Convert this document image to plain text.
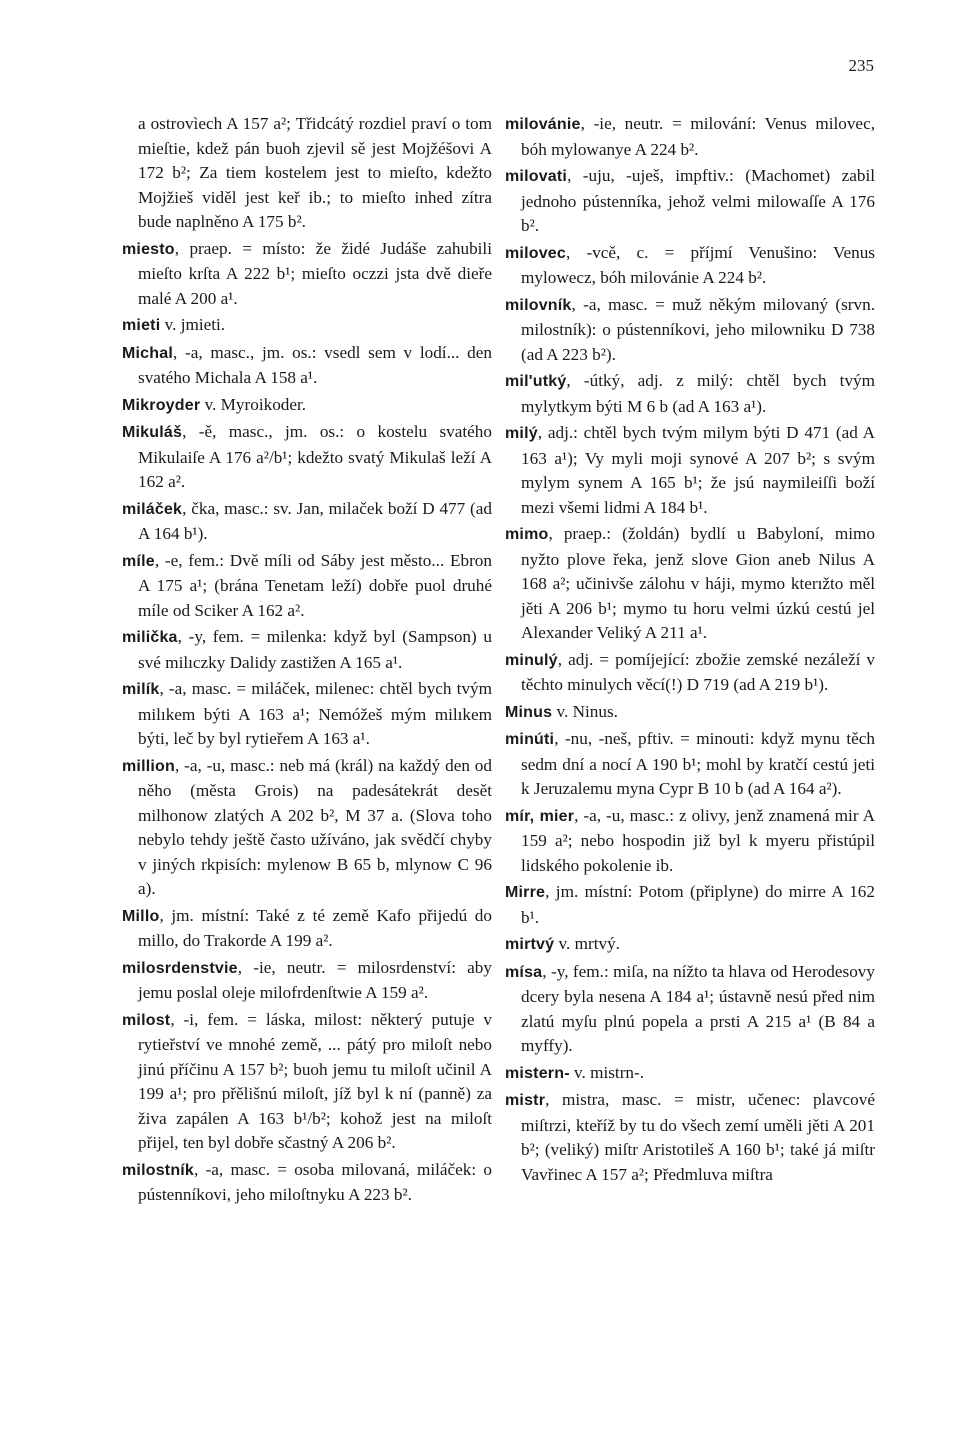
235

a ostrovìech A 157 a²; Třidcátý rozdiel praví o tom mieſtie, kdež pán buoh zjevil sě jest Mojžéšovi A 172 b²; Za tiem kostelem jest to mieſto, kdežto Mojžieš viděl jest keř ib.; to mieſto inhed zítra bude naplněno A 175 b².

miesto, praep. = místo: že židé Judáše zahubili mieſto krſta A 222 b¹; mieſto oczzi jsta dvě dieře malé A 200 a¹.

mieti v. jmieti.

Michal, -a, masc., jm. os.: vsedl sem v lodí... den svatého Michala A 158 a¹.

Mikroyder v. Myroikoder.

Mikuláš, -ě, masc., jm. os.: o kostelu svatého Mikulaiſe A 176 a²/b¹; kdežto svatý Mikulaš leží A 162 a².

miláček, čka, masc.: sv. Jan, milaček boží D 477 (ad A 164 b¹).

míle, -e, fem.: Dvě míli od Sáby jest město... Ebron A 175 a¹; (brána Tenetam leží) dobře puol druhé míle od Sciker A 162 a².

milička, -y, fem. = milenka: když byl (Sampson) u své milıczky Dalidy zastižen A 165 a¹.

milík, -a, masc. = miláček, milenec: chtěl bych tvým milıkem býti A 163 a¹; Nemóžeš mým milıkem býti, leč by byl rytieřem A 163 a¹.

million, -a, -u, masc.: neb má (král) na každý den od něho (města Grois) na padesátekrát desět milhonow zlatých A 202 b², M 37 a. (Slova toho nebylo tehdy ještě často užíváno, jak svědčí chyby v jiných rkpisích: mylenow B 65 b, mlynow C 96 a).

Millo, jm. místní: Také z té země Kafo přijedú do millo, do Trakorde A 199 a².

milosrdenstvie, -ie, neutr. = milosrdenství: aby jemu poslal oleje milofrdenſtwie A 159 a².

milost, -i, fem. = láska, milost: některý putuje v rytieřství ve mnohé země, ... pátý pro miloſt nebo jinú příčinu A 157 b²; buoh jemu tu miloſt učinil A 199 a¹; pro přělišnú miloſt, jíž byl k ní (panně) za živa zapálen A 163 b¹/b²; kohož jest na miloſt přijel, ten byl dobře sčastný A 206 b².

milostník, -a, masc. = osoba milovaná, miláček: o pústenníkovi, jeho miloſtnyku A 223 b².

milovánie, -ie, neutr. = milování: Venus milovec, bóh mylowanye A 224 b².

milovati, -uju, -uješ, impftiv.: (Machomet) zabil jednoho pústenníka, jehož velmi milowaſſe A 176 b².

milovec, -vcě, c. = příjmí Venušino: Venus mylowecz, bóh milovánie A 224 b².

milovník, -a, masc. = muž někým milovaný (srvn. milostník): o pústenníkovi, jeho milowniku D 738 (ad A 223 b²).

mil'utký, -útký, adj. z milý: chtěl bych tvým mylytkym býti M 6 b (ad A 163 a¹).

milý, adj.: chtěl bych tvým milym býti D 471 (ad A 163 a¹); Vy myli moji synové A 207 b²; s svým mylym synem A 165 b¹; že jsú naymileiſſi boží mezi všemi lidmi A 184 b¹.

mimo, praep.: (žoldán) bydlí u Babyloní, mimo nyžto plove řeka, jenž slove Gion aneb Nilus A 168 a²; učinivše zálohu v háji, mymo kterıžto měl jěti A 206 b¹; mymo tu horu velmi úzkú cestú jel Alexander Veliký A 211 a¹.

minulý, adj. = pomíjející: zbožie zemské nezáleží v těchto minulych věcí(!) D 719 (ad A 219 b¹).

Minus v. Ninus.

minúti, -nu, -neš, pftiv. = minouti: když mynu těch sedm dní a nocí A 190 b¹; mohl by kratčí cestú jeti k Jeruzalemu myna Cypr B 10 b (ad A 164 a²).

mír, mier, -a, -u, masc.: z olivy, jenž znamená mir A 159 a²; nebo hospodin již byl k myeru přistúpil lidského pokolenie ib.

Mirre, jm. místní: Potom (připlyne) do mirre A 162 b¹.

mirtvý v. mrtvý.

mísa, -y, fem.: miſa, na nížto ta hlava od Herodesovy dcery byla nesena A 184 a¹; ústavně nesú před nim zlatú myſu plnú popela a prsti A 215 a¹ (B 84 a myffy).

mistern- v. mistrn-.

mistr, mistra, masc. = mistr, učenec: plavcové miſtrzi, kteříž by tu do všech zemí uměli jěti A 201 b²; (veliký) miſtr Aristotileš A 160 b¹; také já miſtr Vavřinec A 157 a²; Předmluva miſtra
